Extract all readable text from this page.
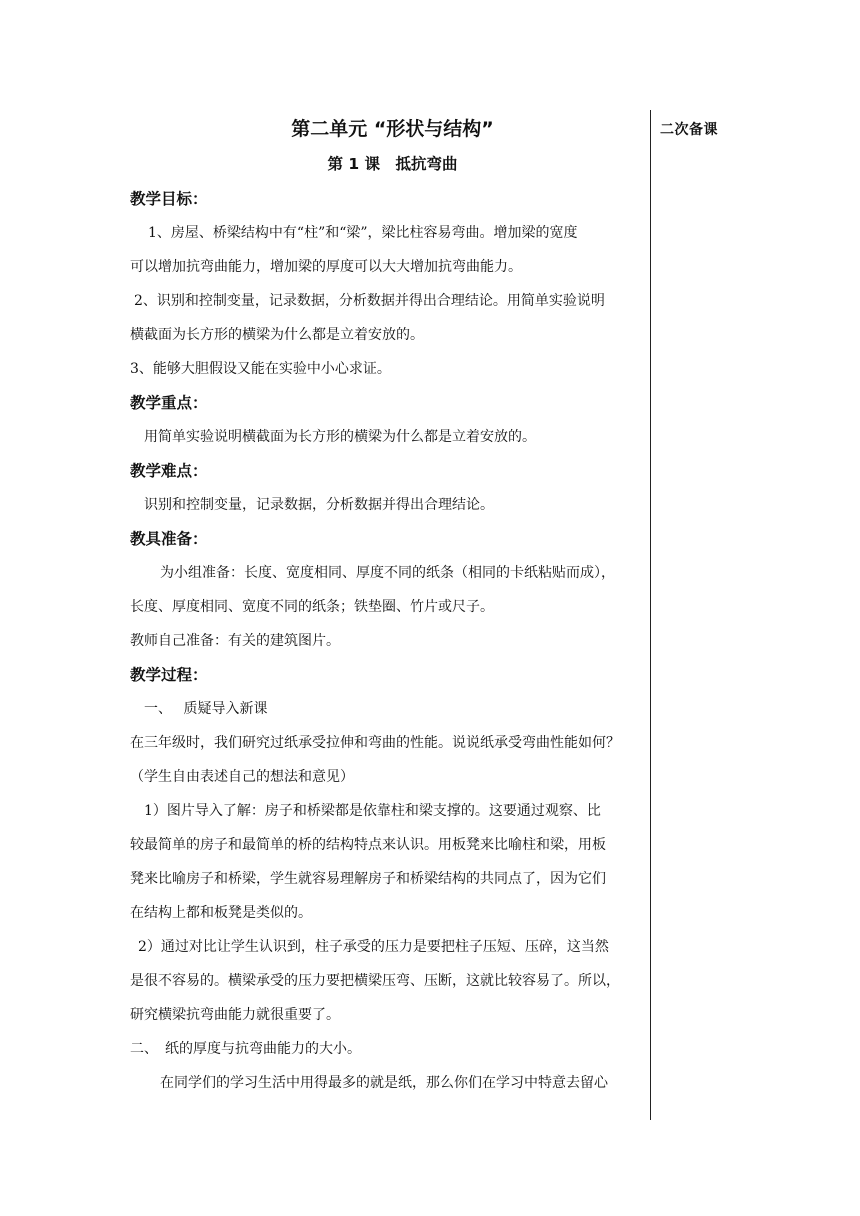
二次备课

第二单元 “形状与结构”

第 1 课　抵抗弯曲

教学目标：

1、房屋、桥梁结构中有“柱”和“梁”，梁比柱容易弯曲。增加梁的宽度

可以增加抗弯曲能力，增加梁的厚度可以大大增加抗弯曲能力。

2、识别和控制变量，记录数据，分析数据并得出合理结论。用简单实验说明

横截面为长方形的横梁为什么都是立着安放的。

3、能够大胆假设又能在实验中小心求证。

教学重点：

用简单实验说明横截面为长方形的横梁为什么都是立着安放的。

教学难点：

识别和控制变量，记录数据，分析数据并得出合理结论。

教具准备：

为小组准备：长度、宽度相同、厚度不同的纸条（相同的卡纸粘贴而成），

长度、厚度相同、宽度不同的纸条；铁垫圈、竹片或尺子。

教师自己准备：有关的建筑图片。

教学过程：

一、　 质疑导入新课

在三年级时，我们研究过纸承受拉伸和弯曲的性能。说说纸承受弯曲性能如何？

（学生自由表述自己的想法和意见）

1）图片导入了解：房子和桥梁都是依靠柱和梁支撑的。这要通过观察、比

较最简单的房子和最简单的桥的结构特点来认识。用板凳来比喻柱和梁，用板

凳来比喻房子和桥梁，学生就容易理解房子和桥梁结构的共同点了，因为它们

在结构上都和板凳是类似的。

2）通过对比让学生认识到，柱子承受的压力是要把柱子压短、压碎，这当然

是很不容易的。横梁承受的压力要把横梁压弯、压断，这就比较容易了。所以，

研究横梁抗弯曲能力就很重要了。

二、　纸的厚度与抗弯曲能力的大小。

在同学们的学习生活中用得最多的就是纸，那么你们在学习中特意去留心
